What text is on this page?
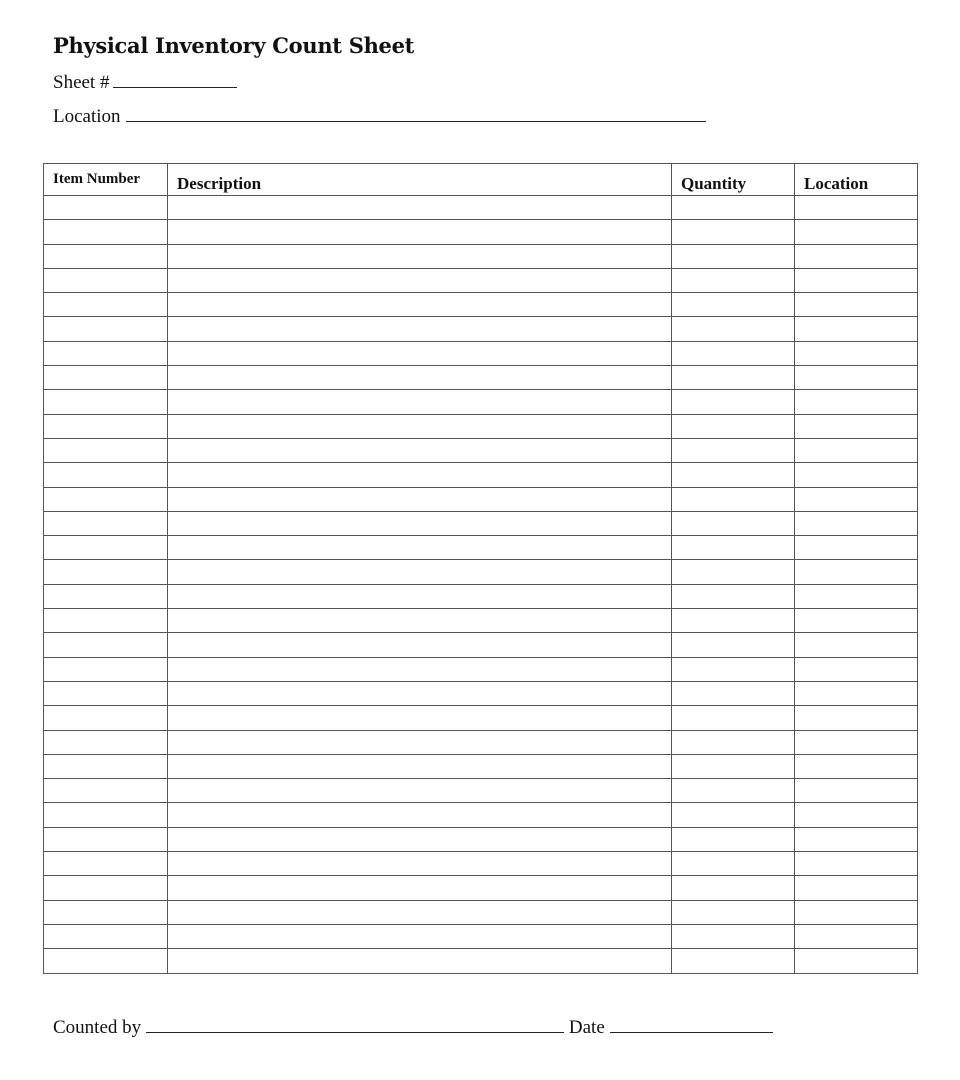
Physical Inventory Count Sheet
Sheet #
Location
Item Number	Description	Quantity	Location

Counted by	Date
